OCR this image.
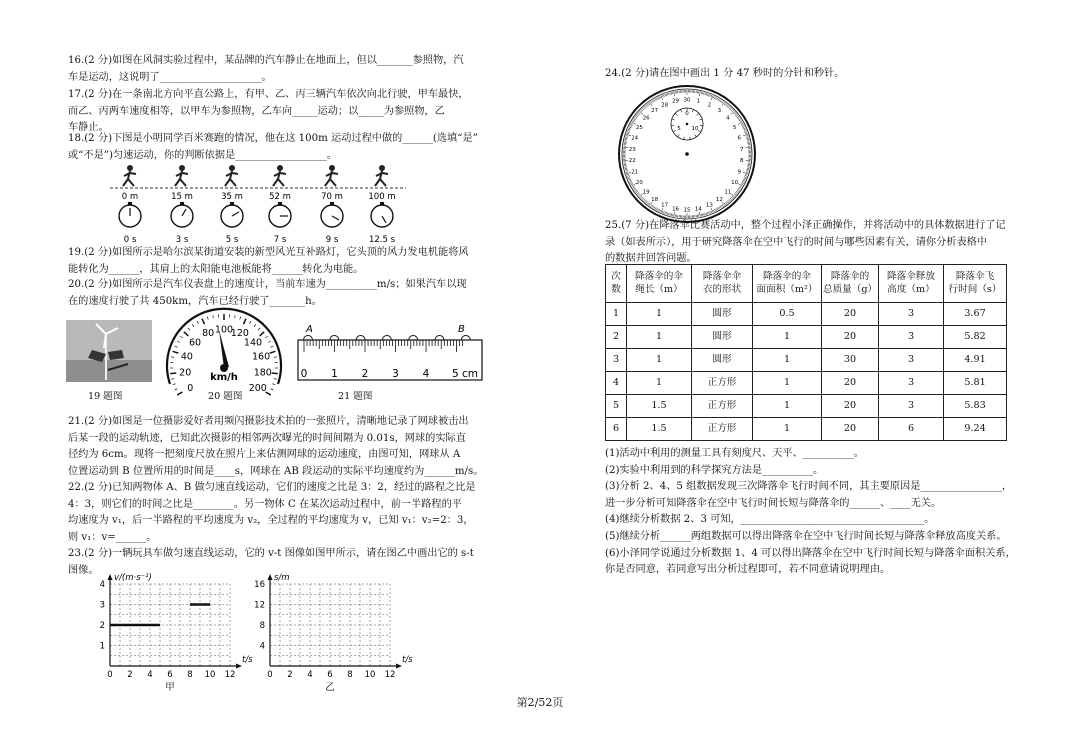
16.(2 分)如图在风洞实验过程中，某品牌的汽车静止在地面上，但以_______参照物，汽
车是运动，这说明了____________________。
17.(2 分)在一条南北方向平直公路上，有甲、乙、丙三辆汽车依次向北行驶，甲车最快，
而乙、丙两车速度相等，以甲车为参照物，乙车向_____运动；以_____为参照物，乙
车静止。
18.(2 分)下图是小明同学百米赛跑的情况，他在这 100m 运动过程中做的______(选填“是”
或“不是”)匀速运动，你的判断依据是__________________。
0 m
0 s
15 m
3 s
35 m
5 s
52 m
7 s
70 m
9 s
100 m
12.5 s
19.(2 分)如图所示是哈尔滨某街道安装的新型风光互补路灯，它头顶的风力发电机能将风
能转化为______，其肩上的太阳能电池板能将______转化为电能。
20.(2 分)如图所示是汽车仪表盘上的速度计，当前车速为__________m/s；如果汽车以现
在的速度行驶了共 450km，汽车已经行驶了_______h。
0
20
40
60
80 100
120
140
160
180
200
km/h
A	B
0 1 2 3 4 5 cm
19 题图	20 题图	21 题图
21.(2 分)如图是一位摄影爱好者用频闪摄影技术拍的一张照片，清晰地记录了网球被击出
后某一段的运动轨迹，已知此次摄影的相邻两次曝光的时间间隔为 0.01s，网球的实际直
径约为 6cm。现将一把刻度尺放在照片上来估测网球的运动速度，由图可知，网球从 A
位置运动到 B 位置所用的时间是____s，网球在 AB 段运动的实际平均速度约为______m/s。
22.(2 分)已知两物体 A、B 做匀速直线运动，它们的速度之比是 3：2，经过的路程之比是
4：3，则它们的时间之比是________。另一物体 C 在某次运动过程中，前一半路程的平
均速度为 v₁，后一半路程的平均速度为 v₂，全过程的平均速度为 v，已知 v₁：v₂=2：3，
则 v₁：v=______。
23.(2 分)一辆玩具车做匀速直线运动，它的 v-t 图像如图甲所示，请在图乙中画出它的 s-t
图像。
0 2 4 6 8 10 12
1
2
3
4
v/(m·s⁻¹)
t/s
甲
0 2 4 6 8 10 12
4
8
12
16
s/m
t/s
乙
24.(2 分)请在图中画出 1 分 47 秒时的分针和秒针。
30 1
2
3
4
5
6
7
8
9
10
11
12
13
14
15
16
17
18
19
20
21
22
23
24
25
26
27
28
29
0
5 10
25.(7 分)在降落伞比赛活动中，整个过程小泽正确操作，并将活动中的具体数据进行了记
录（如表所示），用于研究降落伞在空中飞行的时间与哪些因素有关，请你分析表格中
的数据并回答问题。
次
数	降落伞的伞
绳长（m）	降落伞伞
衣的形状	降落伞的伞
面面积（m²）	降落伞的
总质量（g）	降落伞释放
高度（m）	降落伞飞
行时间（s）
1	1	圆形	0.5	20	3	3.67
2	1	圆形	1	20	3	5.82
3	1	圆形	1	30	3	4.91
4	1	正方形	1	20	3	5.81
5	1.5	正方形	1	20	3	5.83
6	1.5	正方形	1	20	6	9.24
(1)活动中利用的测量工具有刻度尺、天平、__________。
(2)实验中利用到的科学探究方法是__________。
(3)分析 2、4、5 组数据发现三次降落伞飞行时间不同，其主要原因是________________，
进一步分析可知降落伞在空中飞行时间长短与降落伞的______、____无关。
(4)继续分析数据 2、3 可知，____________________________________。
(5)继续分析______两组数据可以得出降落伞在空中飞行时间长短与降落伞释放高度关系。
(6)小泽同学说通过分析数据 1、4 可以得出降落伞在空中飞行时间长短与降落伞面积关系，
你是否同意，若同意写出分析过程即可，若不同意请说明理由。
第2/52页
